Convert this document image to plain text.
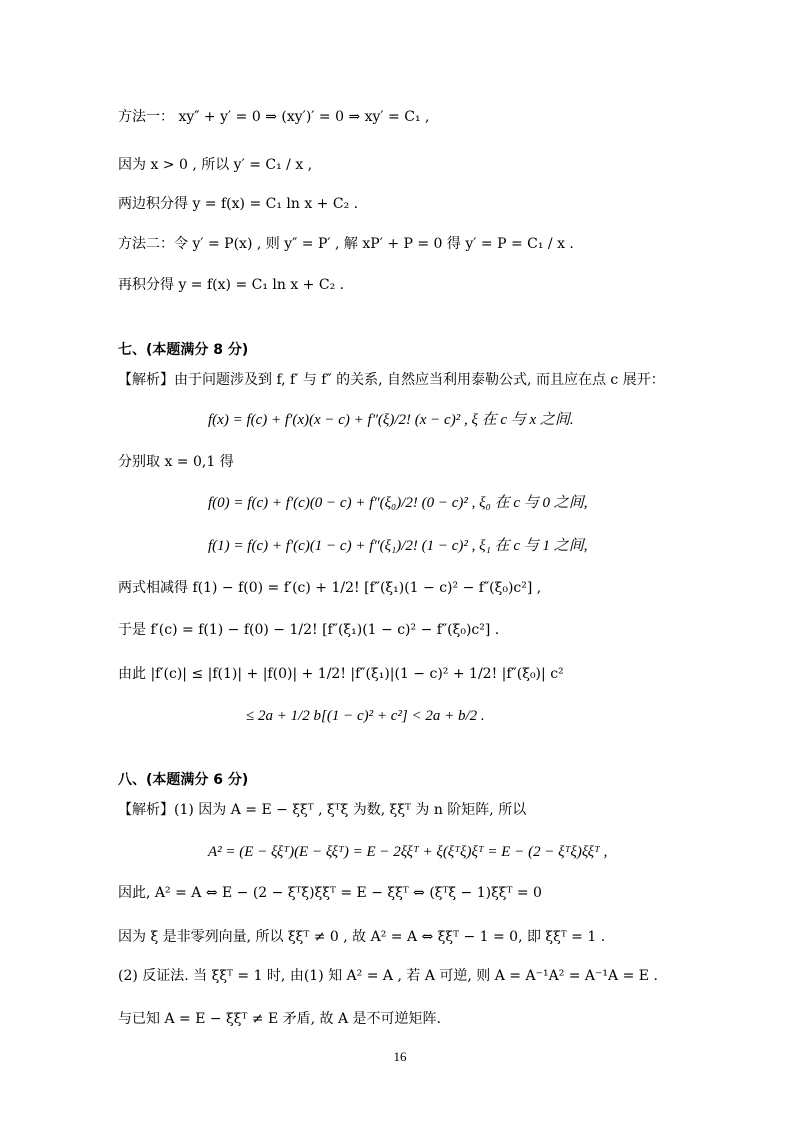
方法一： xy″ + y′ = 0 ⇒ (xy′)′ = 0 ⇒ xy′ = C₁ ,
因为 x > 0 , 所以 y′ = C₁ / x ,
两边积分得 y = f(x) = C₁ ln x + C₂ .
方法二：令 y′ = P(x) , 则 y″ = P′ , 解 xP′ + P = 0 得 y′ = P = C₁ / x .
再积分得 y = f(x) = C₁ ln x + C₂ .
七、(本题满分 8 分)
【解析】由于问题涉及到 f, f′ 与 f″ 的关系, 自然应当利用泰勒公式, 而且应在点 c 展开：
f(x) = f(c) + f′(x)(x − c) + f″(ξ)/2! (x − c)² , ξ 在 c 与 x 之间.
分别取 x = 0,1 得
f(0) = f(c) + f′(c)(0 − c) + f″(ξ₀)/2! (0 − c)² , ξ₀ 在 c 与 0 之间,
f(1) = f(c) + f′(c)(1 − c) + f″(ξ₁)/2! (1 − c)² , ξ₁ 在 c 与 1 之间,
两式相减得 f(1) − f(0) = f′(c) + 1/2! [f″(ξ₁)(1 − c)² − f″(ξ₀)c²] ,
于是 f′(c) = f(1) − f(0) − 1/2! [f″(ξ₁)(1 − c)² − f″(ξ₀)c²] .
由此 |f′(c)| ≤ |f(1)| + |f(0)| + 1/2! |f″(ξ₁)|(1 − c)² + 1/2! |f″(ξ₀)| c²
≤ 2a + 1/2 b[(1 − c)² + c²] < 2a + b/2 .
八、(本题满分 6 分)
【解析】(1) 因为 A = E − ξξᵀ , ξᵀξ 为数, ξξᵀ 为 n 阶矩阵, 所以
A² = (E − ξξᵀ)(E − ξξᵀ) = E − 2ξξᵀ + ξ(ξᵀξ)ξᵀ = E − (2 − ξᵀξ)ξξᵀ ,
因此, A² = A ⇔ E − (2 − ξᵀξ)ξξᵀ = E − ξξᵀ ⇔ (ξᵀξ − 1)ξξᵀ = 0
因为 ξ 是非零列向量, 所以 ξξᵀ ≠ 0 , 故 A² = A ⇔ ξξᵀ − 1 = 0, 即 ξξᵀ = 1 .
(2) 反证法. 当 ξξᵀ = 1 时, 由(1) 知 A² = A , 若 A 可逆, 则 A = A⁻¹A² = A⁻¹A = E .
与已知 A = E − ξξᵀ ≠ E 矛盾, 故 A 是不可逆矩阵.
16
